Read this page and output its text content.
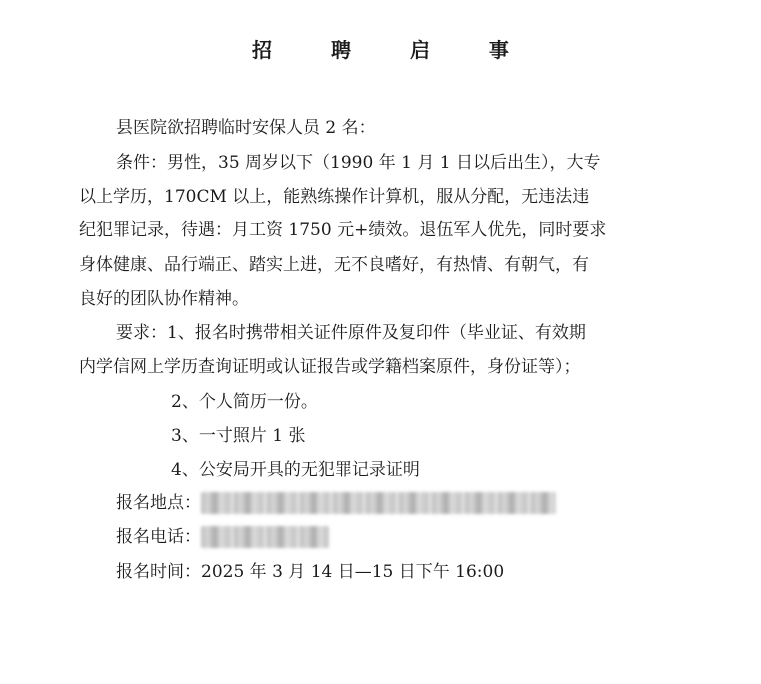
招 聘 启 事

县医院欲招聘临时安保人员 2 名：

条件：男性，35 周岁以下（1990 年 1 月 1 日以后出生），大专

以上学历，170CM 以上，能熟练操作计算机，服从分配，无违法违

纪犯罪记录，待遇：月工资 1750 元+绩效。退伍军人优先，同时要求

身体健康、品行端正、踏实上进，无不良嗜好，有热情、有朝气，有

良好的团队协作精神。

要求：1、报名时携带相关证件原件及复印件（毕业证、有效期

内学信网上学历查询证明或认证报告或学籍档案原件，身份证等）；

2、个人简历一份。

3、一寸照片 1 张

4、公安局开具的无犯罪记录证明

报名地点：

报名电话：

报名时间：2025 年 3 月 14 日—15 日下午 16:00
